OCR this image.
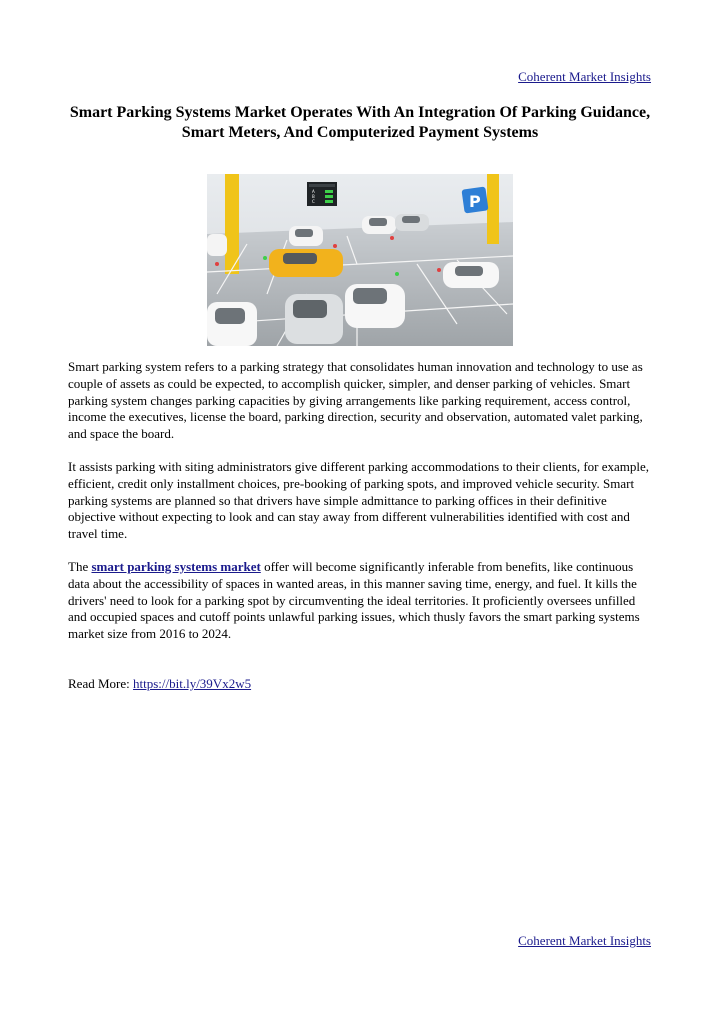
Coherent Market Insights
Smart Parking Systems Market Operates With An Integration Of Parking Guidance, Smart Meters, And Computerized Payment Systems
A
B
C	P

Smart parking system refers to a parking strategy that consolidates human innovation and technology to use as couple of assets as could be expected, to accomplish quicker, simpler, and denser parking of vehicles. Smart parking system changes parking capacities by giving arrangements like parking requirement, access control, income the executives, license the board, parking direction, security and observation, automated valet parking, and space the board.

It assists parking with siting administrators give different parking accommodations to their clients, for example, efficient, credit only installment choices, pre-booking of parking spots, and improved vehicle security. Smart parking systems are planned so that drivers have simple admittance to parking offices in their definitive objective without expecting to look and can stay away from different vulnerabilities identified with cost and travel time.

The smart parking systems market offer will become significantly inferable from benefits, like continuous data about the accessibility of spaces in wanted areas, in this manner saving time, energy, and fuel. It kills the drivers' need to look for a parking spot by circumventing the ideal territories. It proficiently oversees unfilled and occupied spaces and cutoff points unlawful parking issues, which thusly favors the smart parking systems market size from 2016 to 2024.

Read More: https://bit.ly/39Vx2w5
Coherent Market Insights
